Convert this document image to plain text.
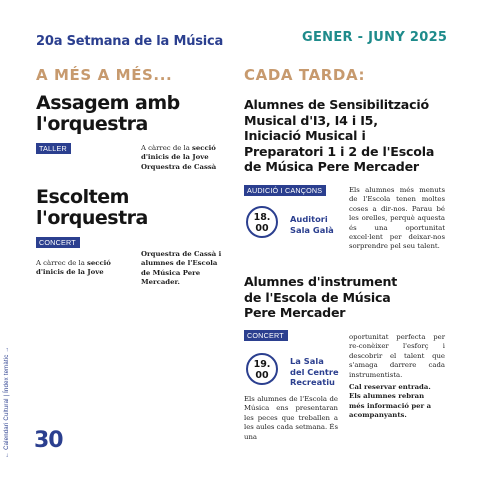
20a Setmana de la Música	GENER - JUNY 2025
A MÉS A MÉS...
Assagem amb
l'orquestra
TALLER	A càrrec de la secció d'inicis de la Jove Orquestra de Cassà
Escoltem
l'orquestra
CONCERT
A càrrec de la secció d'inicis de la Jove
Orquestra de Cassà i alumnes de l'Escola de Música Pere Mercader.
CADA TARDA:
Alumnes de Sensibilització
Musical d'I3, I4 i I5,
Iniciació Musical i
Preparatori 1 i 2 de l'Escola
de Música Pere Mercader
AUDICIÓ I CANÇONS
18.
00
Auditori
Sala Galà
Els alumnes més menuts de l'Escola tenen moltes coses a dir-nos. Parau bé les orelles, perquè aquesta és una oportunitat excel·lent per deixar-nos sorprendre pel seu talent.
Alumnes d'instrument
de l'Escola de Música
Pere Mercader
CONCERT
19.
00
La Sala
del Centre
Recreatiu
Els alumnes de l'Escola de Música ens presentaran les peces que treballen a les aules cada setmana. És una
oportunitat perfecta per re-conèixer l'esforç i descobrir el talent que s'amaga darrere cada instrumentista.
Cal reservar entrada.
Els alumnes rebran
més informació per a
acompanyants.
← Calendari Cultural | Índex temàtic → 30
